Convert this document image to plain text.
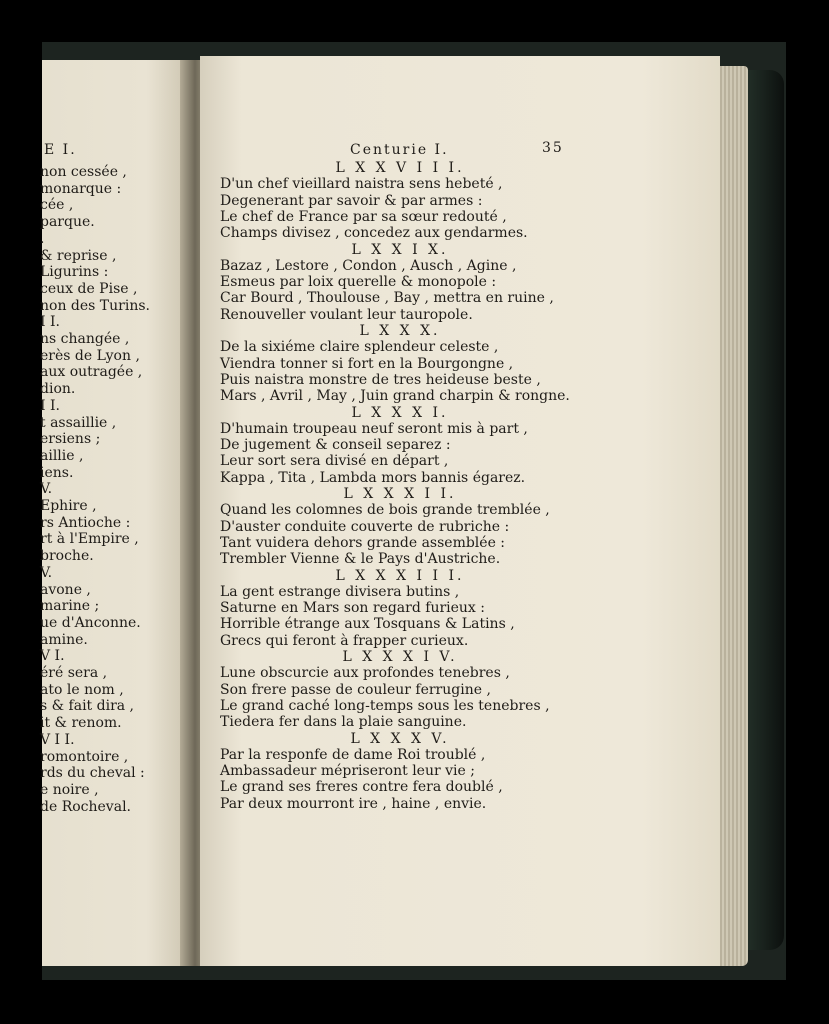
E I.
non cessée ,
monarque :
cée ,
parque.
.
& reprise ,
Ligurins :
ceux de Pise ,
non des Turins.
I I.
ns changée ,
erès de Lyon ,
aux outragée ,
dion.
I I.
t assaillie ,
ersiens ;
aillie ,
iens.
V.
Ephire ,
rs Antioche :
rt à l'Empire ,
broche.
V.
avone ,
marine ;
ue d'Anconne.
amine.
V I.
éré sera ,
ato le nom ,
s & fait dira ,
it & renom.
V I I.
romontoire ,
rds du cheval :
e noire ,
de Rocheval.
Centurie I.	35
L X X V I I I.
D'un chef vieillard naistra sens hebeté ,
Degenerant par savoir & par armes :
Le chef de France par sa sœur redouté ,
Champs divisez , concedez aux gendarmes.
L X X I X.
Bazaz , Lestore , Condon , Ausch , Agine ,
Esmeus par loix querelle & monopole :
Car Bourd , Thoulouse , Bay , mettra en ruine ,
Renouveller voulant leur tauropole.
L X X X.
De la sixiéme claire splendeur celeste ,
Viendra tonner si fort en la Bourgongne ,
Puis naistra monstre de tres heideuse beste ,
Mars , Avril , May , Juin grand charpin & rongne.
L X X X I.
D'humain troupeau neuf seront mis à part ,
De jugement & conseil separez :
Leur sort sera divisé en départ ,
Kappa , Tita , Lambda mors bannis égarez.
L X X X I I.
Quand les colomnes de bois grande tremblée ,
D'auster conduite couverte de rubriche :
Tant vuidera dehors grande assemblée :
Trembler Vienne & le Pays d'Austriche.
L X X X I I I.
La gent estrange divisera butins ,
Saturne en Mars son regard furieux :
Horrible étrange aux Tosquans & Latins ,
Grecs qui feront à frapper curieux.
L X X X I V.
Lune obscurcie aux profondes tenebres ,
Son frere passe de couleur ferrugine ,
Le grand caché long-temps sous les tenebres ,
Tiedera fer dans la plaie sanguine.
L X X X V.
Par la responfe de dame Roi troublé ,
Ambassadeur mépriseront leur vie ;
Le grand ses freres contre fera doublé ,
Par deux mourront ire , haine , envie.
